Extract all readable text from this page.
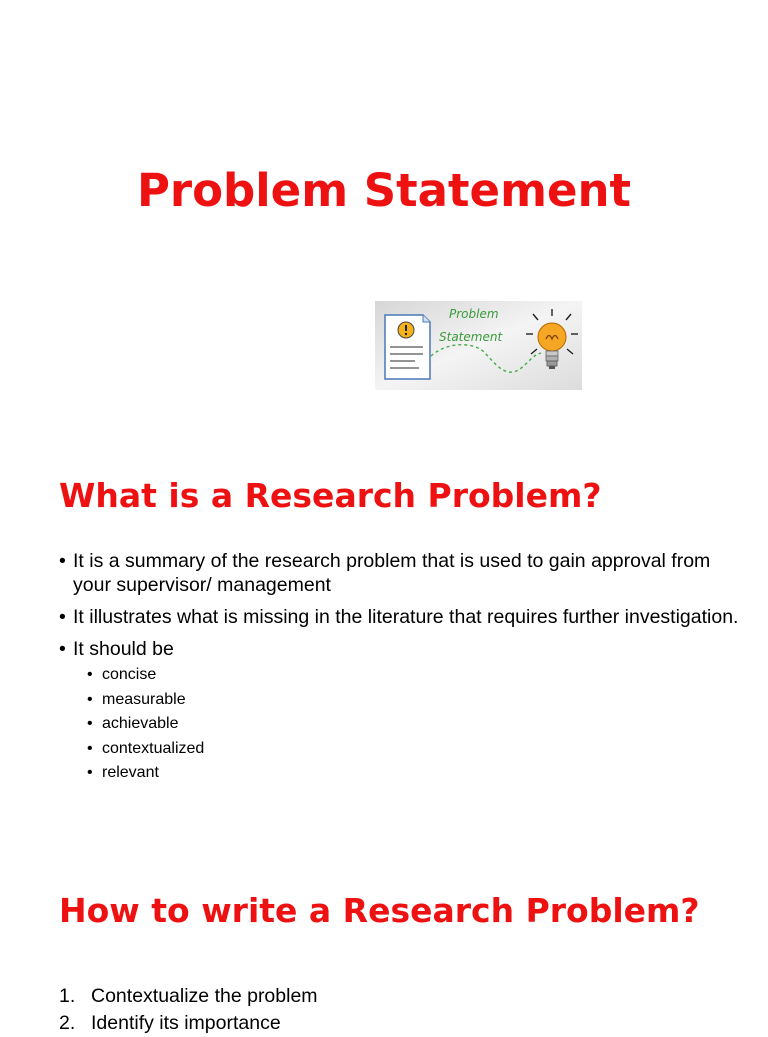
Problem Statement
Problem
Statement
What is a Research Problem?
• It is a summary of the research problem that is used to gain approval from your supervisor/ management
• It illustrates what is missing in the literature that requires further investigation.
• It should be
• concise
• measurable
• achievable
• contextualized
• relevant
How to write a Research Problem?
1. Contextualize the problem
2. Identify its importance
